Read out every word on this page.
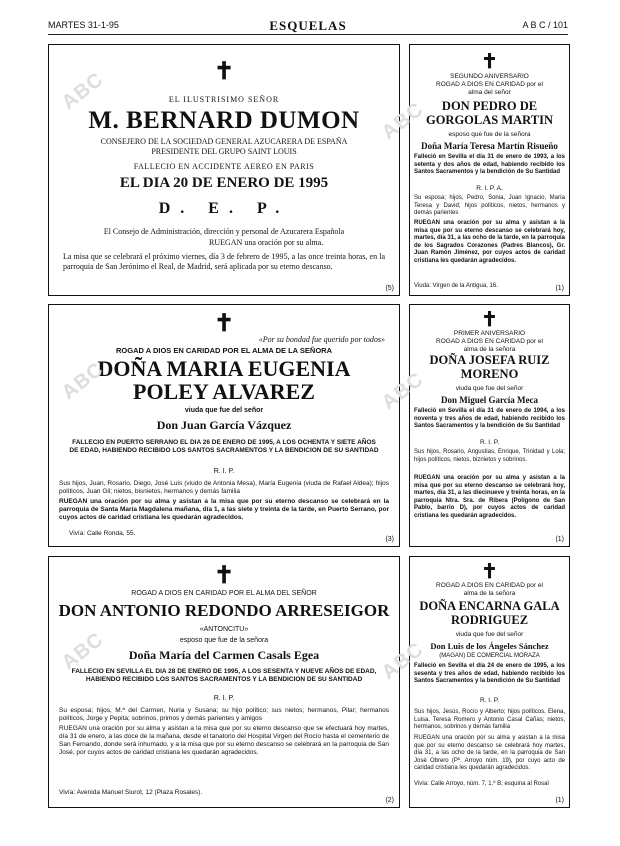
MARTES 31-1-95	ESQUELAS	A B C / 101
✝
EL ILUSTRISIMO SEÑOR
M. BERNARD DUMON
CONSEJERO DE LA SOCIEDAD GENERAL AZUCARERA DE ESPAÑA PRESIDENTE DEL GRUPO SAINT LOUIS
FALLECIO EN ACCIDENTE AEREO EN PARIS
EL DIA 20 DE ENERO DE 1995
D. E. P.
El Consejo de Administración, dirección y personal de Azucarera Española
RUEGAN una oración por su alma.
La misa que se celebrará el próximo viernes, día 3 de febrero de 1995, a las once treinta horas, en la parroquia de San Jerónimo el Real, de Madrid, será aplicada por su eterno descanso.
(5)
✝
SEGUNDO ANIVERSARIO
ROGAD A DIOS EN CARIDAD por el alma del señor
DON PEDRO DE GORGOLAS MARTIN
esposo que fue de la señora
Doña María Teresa Martín Risueño
Falleció en Sevilla el día 31 de enero de 1993, a los setenta y dos años de edad, habiendo recibido los Santos Sacramentos y la bendición de Su Santidad
R. I. P. A.
Su esposa; hijos, Pedro, Sonia, Juan Ignacio, María Teresa y David; hijos políticos, nietos, hermanos y demás parientes
RUEGAN una oración por su alma y asistan a la misa que por su eterno descanso se celebrará hoy, martes, día 31, a las ocho de la tarde, en la parroquia de los Sagrados Corazones (Padres Blancos), Gr. Juan Ramón Jiménez, por cuyos actos de caridad cristiana les quedarán agradecidos.
Viuda: Virgen de la Antigua, 16.	(1)
✝
«Por su bondad fue querido por todos»
ROGAD A DIOS EN CARIDAD POR EL ALMA DE LA SEÑORA
DOÑA MARIA EUGENIA POLEY ALVAREZ
viuda que fue del señor
Don Juan García Vázquez
FALLECIO EN PUERTO SERRANO EL DIA 26 DE ENERO DE 1995, A LOS OCHENTA Y SIETE AÑOS DE EDAD, HABIENDO RECIBIDO LOS SANTOS SACRAMENTOS Y LA BENDICION DE SU SANTIDAD
R. I. P.
Sus hijos, Juan, Rosario, Diego, José Luis (viudo de Antonia Mesa), María Eugenia (viuda de Rafael Aldea); hijos políticos, Juan Gil; nietos, bisnietos, hermanos y demás familia
RUEGAN una oración por su alma y asistan a la misa que por su eterno descanso se celebrará en la parroquia de Santa María Magdalena mañana, día 1, a las siete y treinta de la tarde, en Puerto Serrano, por cuyos actos de caridad cristiana les quedarán agradecidos.
Vivía: Calle Ronda, 55.
(3)
✝
PRIMER ANIVERSARIO
ROGAD A DIOS EN CARIDAD por el alma de la señora
DOÑA JOSEFA RUIZ MORENO
viuda que fue del señor
Don Miguel García Meca
Falleció en Sevilla el día 31 de enero de 1994, a los noventa y tres años de edad, habiendo recibido los Santos Sacramentos y la bendición de Su Santidad
R. I. P.
Sus hijos, Rosario, Angustias, Enrique, Trinidad y Lola; hijos políticos, nietos, biznietos y sobrinos.
RUEGAN una oración por su alma y asistan a la misa que por su eterno descanso se celebrará hoy, martes, día 31, a las diecinueve y treinta horas, en la parroquia Ntra. Sra. de Ribera (Polígono de San Pablo, barrio D), por cuyos actos de caridad cristiana les quedarán agradecidos.
(1)
✝
ROGAD A DIOS EN CARIDAD POR EL ALMA DEL SEÑOR
DON ANTONIO REDONDO ARRESEIGOR
«ANTONCITU»
esposo que fue de la señora
Doña María del Carmen Casals Egea
FALLECIO EN SEVILLA EL DIA 28 DE ENERO DE 1995, A LOS SESENTA Y NUEVE AÑOS DE EDAD, HABIENDO RECIBIDO LOS SANTOS SACRAMENTOS Y LA BENDICION DE SU SANTIDAD
R. I. P.
Su esposa; hijos, M.ª del Carmen, Nuria y Susana; su hijo político; sus nietos; hermanos, Pilar; hermanos políticos, Jorge y Pepita; sobrinos, primos y demás parientes y amigos
RUEGAN una oración por su alma y asistan a la misa que por su eterno descanso que se efectuará hoy martes, día 31 de enero, a las doce de la mañana, desde el tanatorio del Hospital Virgen del Rocío hasta el cementerio de San Fernando, donde será inhumado, y a la misa que por su eterno descanso se celebrará en la parroquia de San José, por cuyos actos de caridad cristiana les quedarán agradecidos.
Vivía: Avenida Manuel Siurot, 12 (Plaza Rosales).
(2)
✝
ROGAD A DIOS EN CARIDAD por el alma de la señora
DOÑA ENCARNA GALA RODRIGUEZ
viuda que fue del señor
Don Luis de los Ángeles Sánchez
(MAGAN) DE COMERCIAL MORAZA
Falleció en Sevilla el día 24 de enero de 1995, a los sesenta y tres años de edad, habiendo recibido los Santos Sacramentos y la bendición de Su Santidad
R. I. P.
Sus hijos, Jesús, Rocío y Alberto; hijos políticos, Elena, Luisa, Teresa Romero y Antonio Casal Cañas; nietos, hermanos, sobrinos y demás familia
RUEGAN una oración por su alma y asistan a la misa que por su eterno descanso se celebrará hoy martes, día 31, a las ocho de la tarde, en la parroquia de San José Obrero (Pº. Arroyo núm. 19), por cuyo acto de caridad cristiana les quedarán agradecidos.
Vivía: Calle Arroyo, núm. 7, 1.º B, esquina al Rosal
(1)
ABC
ABC
ABC	ABC
ABC	ABC
